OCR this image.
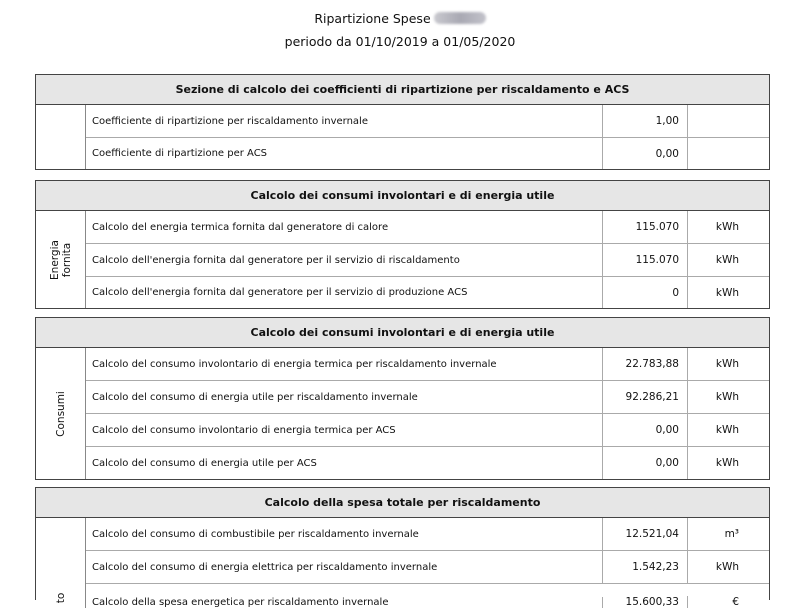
Ripartizione Spese
periodo da 01/10/2019 a 01/05/2020
Sezione di calcolo dei coefficienti di ripartizione per riscaldamento e ACS
Coefficiente di ripartizione per riscaldamento invernale	1,00
Coefficiente di ripartizione per ACS	0,00
Calcolo dei consumi involontari e di energia utile
Energia fornita
Calcolo del energia termica fornita dal generatore di calore	115.070	kWh
Calcolo dell'energia fornita dal generatore per il servizio di riscaldamento	115.070	kWh
Calcolo dell'energia fornita dal generatore per il servizio di produzione ACS	0	kWh
Calcolo dei consumi involontari e di energia utile
Consumi
Calcolo del consumo involontario di energia termica per riscaldamento invernale	22.783,88	kWh
Calcolo del consumo di energia utile per riscaldamento invernale	92.286,21	kWh
Calcolo del consumo involontario di energia termica per ACS	0,00	kWh
Calcolo del consumo di energia utile per ACS	0,00	kWh
Calcolo della spesa totale per riscaldamento
to
Calcolo del consumo di combustibile per riscaldamento invernale	12.521,04	m³
Calcolo del consumo di energia elettrica per riscaldamento invernale	1.542,23	kWh
Calcolo della spesa energetica per riscaldamento invernale	15.600,33	€
